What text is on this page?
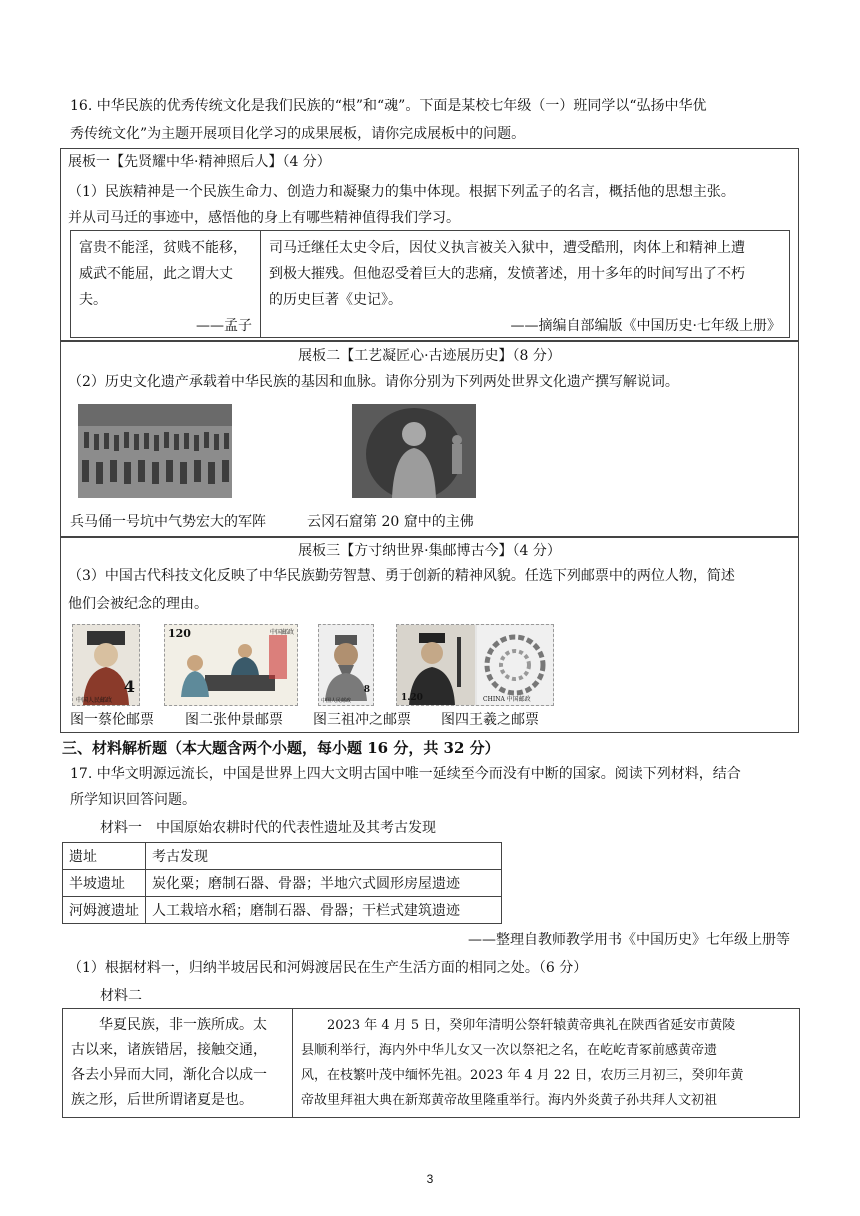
16. 中华民族的优秀传统文化是我们民族的“根”和“魂”。下面是某校七年级（一）班同学以“弘扬中华优
秀传统文化”为主题开展项目化学习的成果展板，请你完成展板中的问题。
展板一【先贤耀中华·精神照后人】（4 分）
（1）民族精神是一个民族生命力、创造力和凝聚力的集中体现。根据下列孟子的名言，概括他的思想主张。
并从司马迁的事迹中，感悟他的身上有哪些精神值得我们学习。
富贵不能淫，贫贱不能移，
威武不能屈，此之谓大丈
夫。
——孟子
司马迁继任太史令后，因仗义执言被关入狱中，遭受酷刑，肉体上和精神上遭
到极大摧残。但他忍受着巨大的悲痛，发愤著述，用十多年的时间写出了不朽
的历史巨著《史记》。
——摘编自部编版《中国历史·七年级上册》
展板二【工艺凝匠心·古迹展历史】（8 分）
（2）历史文化遗产承载着中华民族的基因和血脉。请你分别为下列两处世界文化遗产撰写解说词。
兵马俑一号坑中气势宏大的军阵	云冈石窟第 20 窟中的主佛
展板三【方寸纳世界·集邮博古今】（4 分）
（3）中国古代科技文化反映了中华民族勤劳智慧、勇于创新的精神风貌。任选下列邮票中的两位人物，简述
他们会被纪念的理由。
4
中国人民邮政
120	中国邮政
8
中国人民邮政	1.20	CHINA 中国邮政
图一蔡伦邮票	图二张仲景邮票	图三祖冲之邮票	图四王羲之邮票
三、材料解析题（本大题含两个小题，每小题 16 分，共 32 分）
17. 中华文明源远流长，中国是世界上四大文明古国中唯一延续至今而没有中断的国家。阅读下列材料，结合
所学知识回答问题。
材料一　中国原始农耕时代的代表性遗址及其考古发现
遗址	考古发现
半坡遗址	炭化粟；磨制石器、骨器；半地穴式圆形房屋遗迹
河姆渡遗址	人工栽培水稻；磨制石器、骨器；干栏式建筑遗迹
——整理自教师教学用书《中国历史》七年级上册等
（1）根据材料一，归纳半坡居民和河姆渡居民在生产生活方面的相同之处。（6 分）
材料二
华夏民族，非一族所成。太
古以来，诸族错居，接触交通，
各去小异而大同，渐化合以成一
族之形，后世所谓诸夏是也。
2023 年 4 月 5 日，癸卯年清明公祭轩辕黄帝典礼在陕西省延安市黄陵
县顺利举行，海内外中华儿女又一次以祭祀之名，在屹屹青冢前感黄帝遗
风，在枝繁叶茂中缅怀先祖。2023 年 4 月 22 日，农历三月初三，癸卯年黄
帝故里拜祖大典在新郑黄帝故里隆重举行。海内外炎黄子孙共拜人文初祖
3
